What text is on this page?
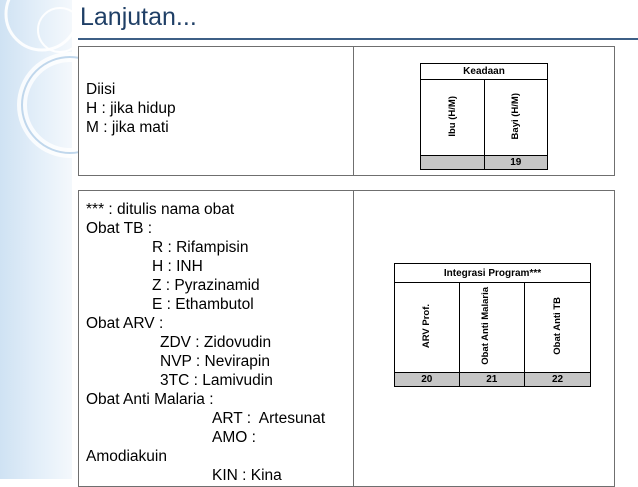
Lanjutan...
Diisi
H : jika hidup
M : jika mati
Keadaan	
Ibu (H/M)	Bayi (H/M)
	19
*** : ditulis nama obat
Obat TB :
R : Rifampisin
H : INH
Z : Pyrazinamid
E : Ethambutol
Obat ARV :
ZDV : Zidovudin
NVP : Nevirapin
3TC : Lamivudin
Obat Anti Malaria :
ART :  Artesunat
AMO :
Amodiakuin
KIN : Kina
Integrasi Program***		
ARV Prof.	Obat Anti Malaria	Obat Anti TB
20	21	22
